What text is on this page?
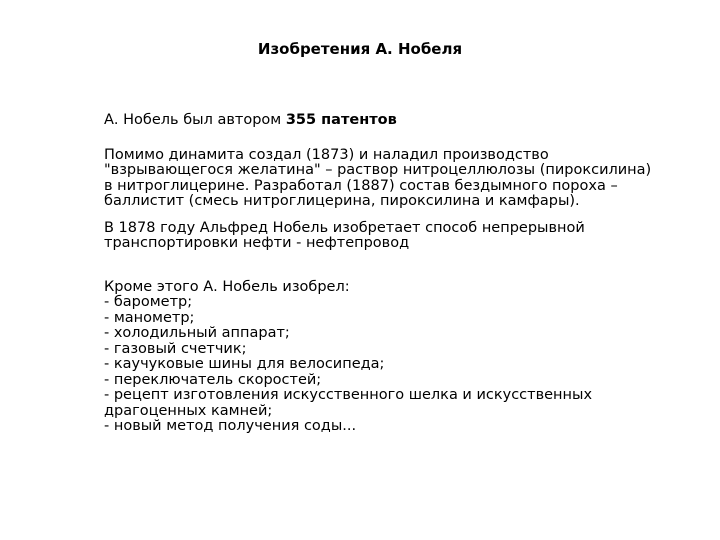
Изобретения А. Нобеля

А. Нобель был автором 355 патентов

Помимо динамита создал (1873) и наладил производство
"взрывающегося желатина" – раствор нитроцеллюлозы (пироксилина)
в нитроглицерине. Разработал (1887) состав бездымного пороха –
баллистит (смесь нитроглицерина, пироксилина и камфары).

В 1878 году Альфред Нобель изобретает способ непрерывной
транспортировки нефти - нефтепровод

Кроме этого А. Нобель изобрел:
- барометр;
- манометр;
- холодильный аппарат;
- газовый счетчик;
- каучуковые шины для велосипеда;
- переключатель скоростей;
- рецепт изготовления искусственного шелка и искусственных драгоценных камней;
- новый метод получения соды...
